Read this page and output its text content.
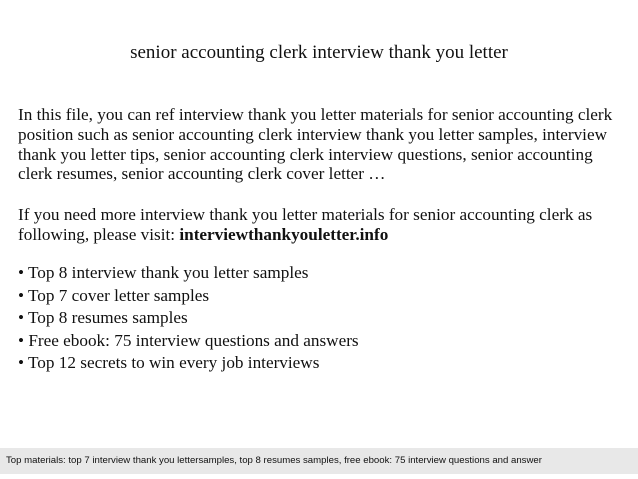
senior accounting clerk interview thank you letter

In this file, you can ref interview thank you letter materials for senior accounting clerk position such as senior accounting clerk interview thank you letter samples, interview thank you letter tips, senior accounting clerk interview questions, senior accounting clerk resumes, senior accounting clerk cover letter …

If you need more interview thank you letter materials for senior accounting clerk as following, please visit: interviewthankyouletter.info

• Top 8 interview thank you letter samples
• Top 7 cover letter samples
• Top 8 resumes samples
• Free ebook: 75 interview questions and answers
• Top 12 secrets to win every job interviews
Top materials: top 7 interview thank you lettersamples, top 8 resumes samples, free ebook: 75 interview questions and answer
